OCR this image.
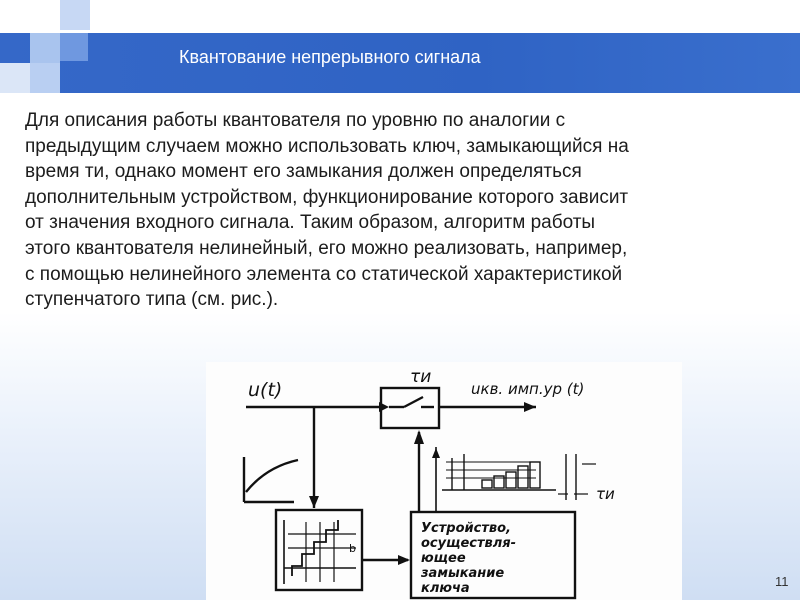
Квантование непрерывного сигнала
Для описания работы квантователя по уровню по аналогии с
предыдущим случаем можно использовать ключ, замыкающийся на
время ти, однако момент его замыкания должен определяться
дополнительным устройством, функционирование которого зависит
от значения входного сигнала. Таким образом, алгоритм работы
этого квантователя нелинейный, его можно реализовать, например,
с помощью нелинейного элемента со статической характеристикой
ступенчатого типа (см. рис.).
u(t)
τи
uкв. имп.ур (t)
b
Устройство, осуществля- ющее замыкание ключа
τи
11
